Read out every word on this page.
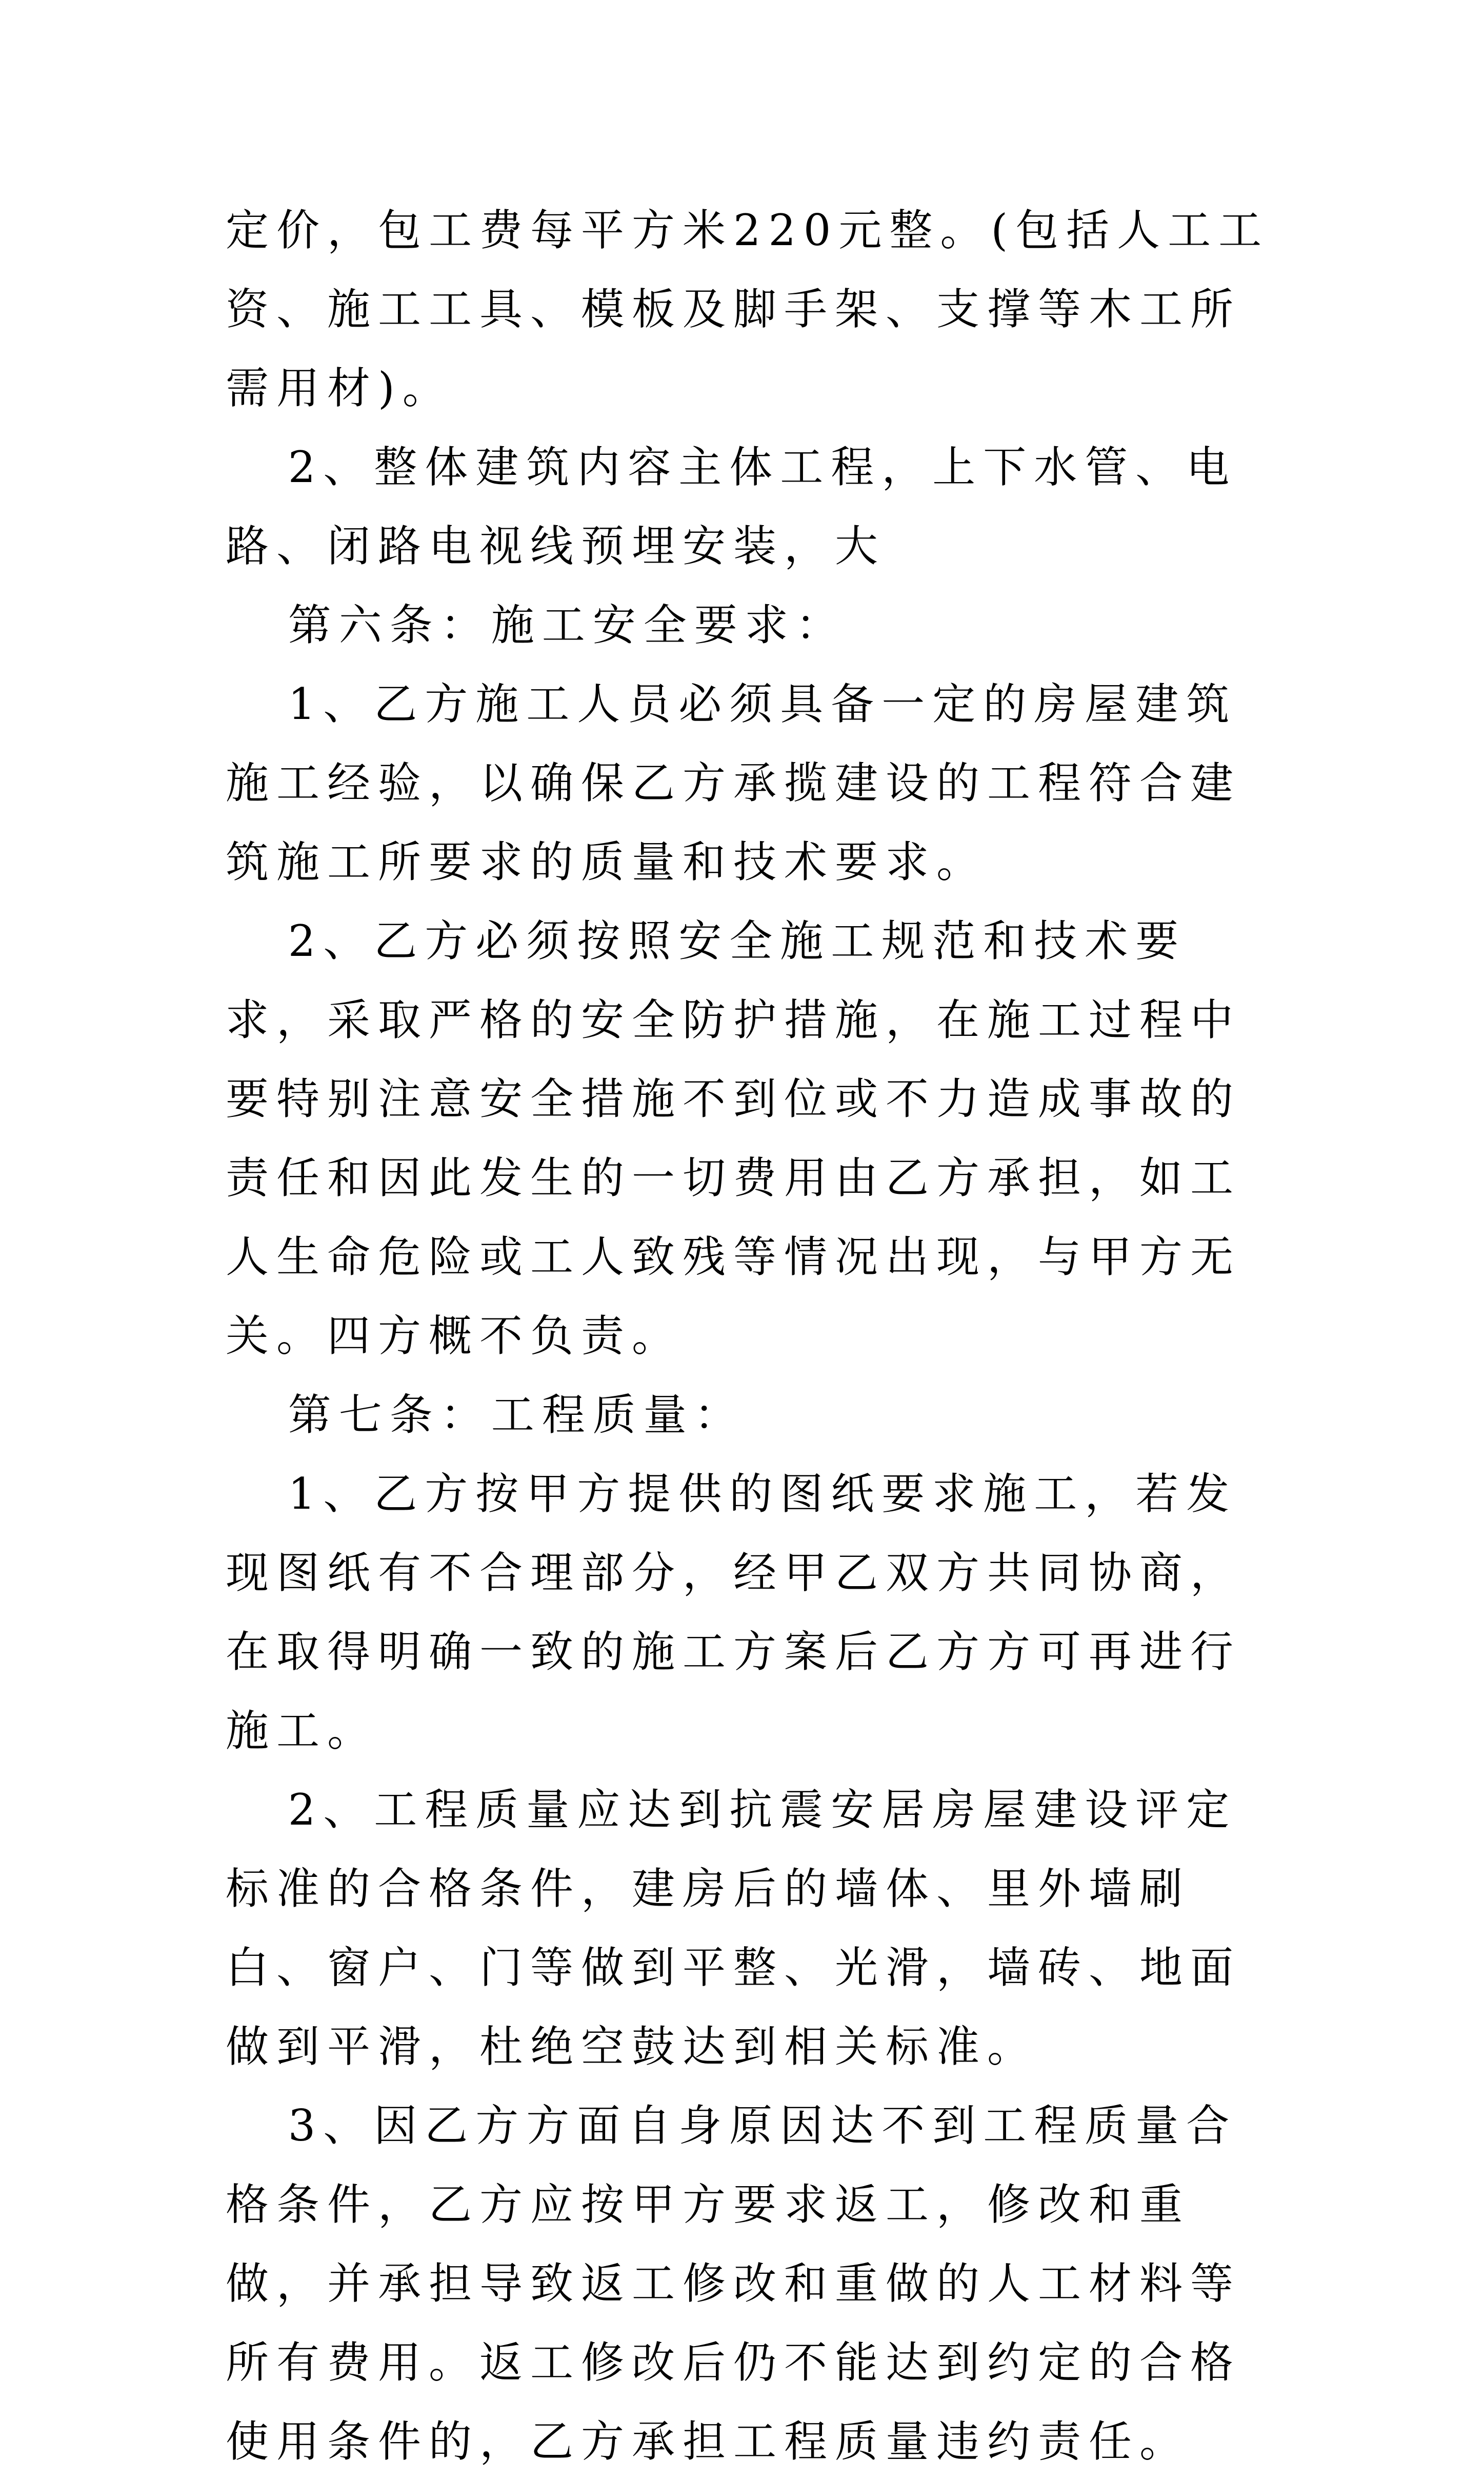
定价，包工费每平方米220元整。(包括人工工资、施工工具、模板及脚手架、支撑等木工所需用材)。

2、整体建筑内容主体工程，上下水管、电路、闭路电视线预埋安装，大

第六条：施工安全要求：

1、乙方施工人员必须具备一定的房屋建筑施工经验，以确保乙方承揽建设的工程符合建筑施工所要求的质量和技术要求。

2、乙方必须按照安全施工规范和技术要求，采取严格的安全防护措施，在施工过程中要特别注意安全措施不到位或不力造成事故的责任和因此发生的一切费用由乙方承担，如工人生命危险或工人致残等情况出现，与甲方无关。四方概不负责。

第七条：工程质量：

1、乙方按甲方提供的图纸要求施工，若发现图纸有不合理部分，经甲乙双方共同协商，在取得明确一致的施工方案后乙方方可再进行施工。

2、工程质量应达到抗震安居房屋建设评定标准的合格条件，建房后的墙体、里外墙刷白、窗户、门等做到平整、光滑，墙砖、地面做到平滑，杜绝空鼓达到相关标准。

3、因乙方方面自身原因达不到工程质量合格条件，乙方应按甲方要求返工，修改和重做，并承担导致返工修改和重做的人工材料等所有费用。返工修改后仍不能达到约定的合格使用条件的，乙方承担工程质量违约责任。
